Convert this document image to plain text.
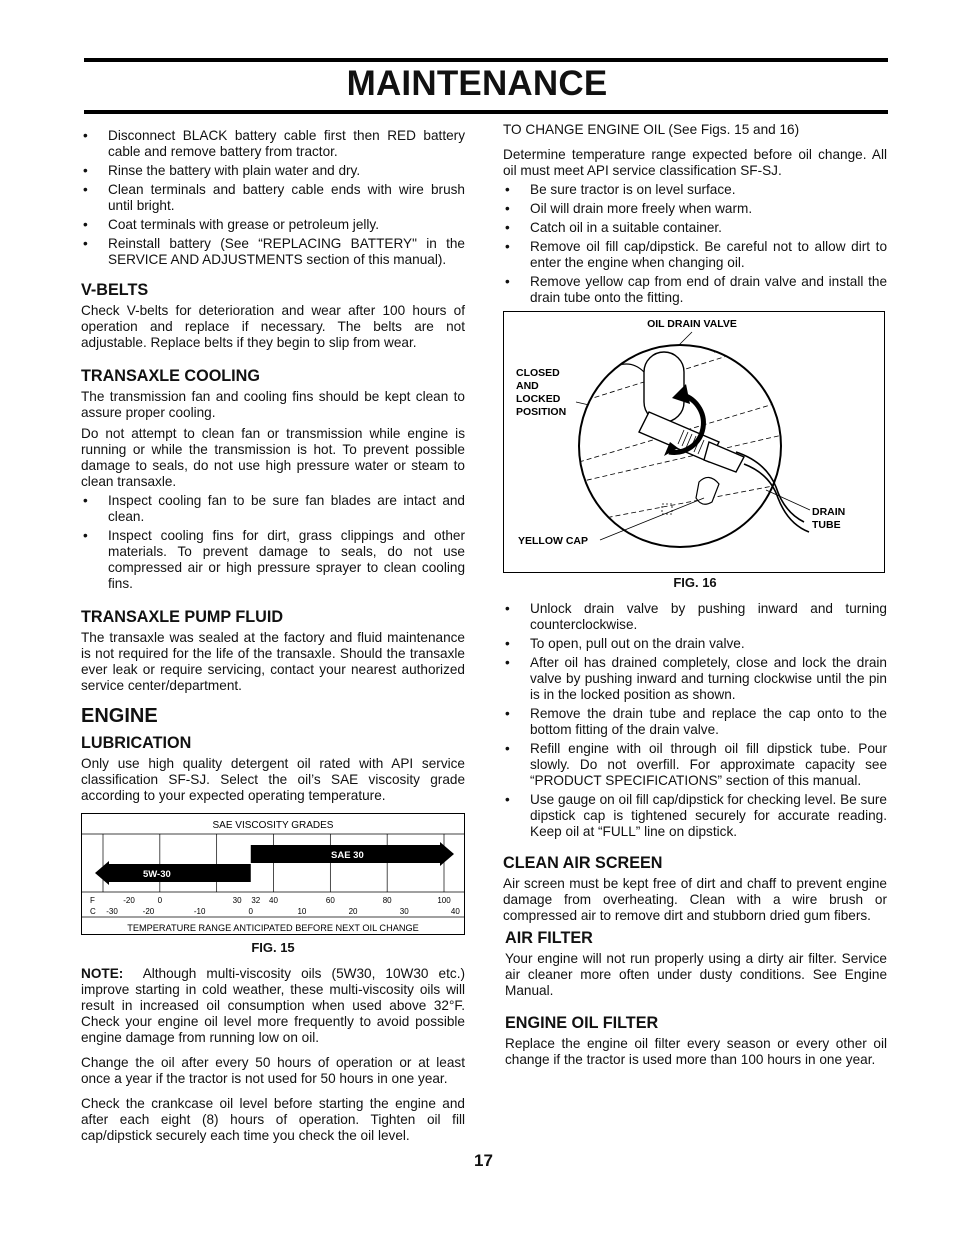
MAINTENANCE
• Disconnect BLACK battery cable first then RED battery cable and remove battery from tractor.
• Rinse the battery with plain water and dry.
• Clean terminals and battery cable ends with wire brush until bright.
• Coat terminals with grease or petroleum jelly.
• Reinstall battery (See “REPLACING BATTERY" in the SERVICE AND ADJUSTMENTS section of this manual).
V-BELTS

Check V-belts for deterioration and wear after 100 hours of operation and replace if necessary. The belts are not adjustable. Replace belts if they begin to slip from wear.

TRANSAXLE COOLING

The transmission fan and cooling fins should be kept clean to assure proper cooling.

Do not attempt to clean fan or transmission while engine is running or while the transmission is hot. To prevent possible damage to seals, do not use high pressure water or steam to clean transaxle.

• Inspect cooling fan to be sure fan blades are intact and clean.
• Inspect cooling fins for dirt, grass clippings and other materials. To prevent damage to seals, do not use compressed air or high pressure sprayer to clean cooling fins.
TRANSAXLE PUMP FLUID

The transaxle was sealed at the factory and fluid maintenance is not required for the life of the transaxle. Should the transaxle ever leak or require servicing, contact your nearest authorized service center/department.

ENGINE
LUBRICATION

Only use high quality detergent oil rated with API service classification SF-SJ. Select the oil’s SAE viscosity grade according to your expected operating temperature.

SAE VISCOSITY GRADES
5W-30
SAE 30
F	-20	0	30 32 40	60	80	100
C -30	-20	-10	0	10	20	30	40
TEMPERATURE RANGE ANTICIPATED BEFORE NEXT OIL CHANGE
FIG. 15

NOTE: Although multi-viscosity oils (5W30, 10W30 etc.) improve starting in cold weather, these multi-viscosity oils will result in increased oil consumption when used above 32°F. Check your engine oil level more frequently to avoid possible engine damage from running low on oil.

Change the oil after every 50 hours of operation or at least once a year if the tractor is not used for 50 hours in one year.

Check the crankcase oil level before starting the engine and after each eight (8) hours of operation. Tighten oil fill cap/dipstick securely each time you check the oil level.

TO CHANGE ENGINE OIL (See Figs. 15 and 16)

Determine temperature range expected before oil change. All oil must meet API service classification SF-SJ.

• Be sure tractor is on level surface.
• Oil will drain more freely when warm.
• Catch oil in a suitable container.
• Remove oil fill cap/dipstick. Be careful not to allow dirt to enter the engine when changing oil.
• Remove yellow cap from end of drain valve and install the drain tube onto the fitting.
OIL DRAIN VALVE
CLOSED
AND
LOCKED
POSITION
DRAIN
TUBE
YELLOW CAP
FIG. 16
• Unlock drain valve by pushing inward and turning counterclockwise.
• To open, pull out on the drain valve.
• After oil has drained completely, close and lock the drain valve by pushing inward and turning clockwise until the pin is in the locked position as shown.
• Remove the drain tube and replace the cap onto to the bottom fitting of the drain valve.
• Refill engine with oil through oil fill dipstick tube. Pour slowly. Do not overfill. For approximate capacity see “PRODUCT SPECIFICATIONS” section of this manual.
• Use gauge on oil fill cap/dipstick for checking level. Be sure dipstick cap is tightened securely for accurate reading. Keep oil at “FULL” line on dipstick.
CLEAN AIR SCREEN

Air screen must be kept free of dirt and chaff to prevent engine damage from overheating. Clean with a wire brush or compressed air to remove dirt and stubborn dried gum fibers.

AIR FILTER

Your engine will not run properly using a dirty air filter. Service air cleaner more often under dusty conditions. See Engine Manual.

ENGINE OIL FILTER

Replace the engine oil filter every season or every other oil change if the tractor is used more than 100 hours in one year.

17
